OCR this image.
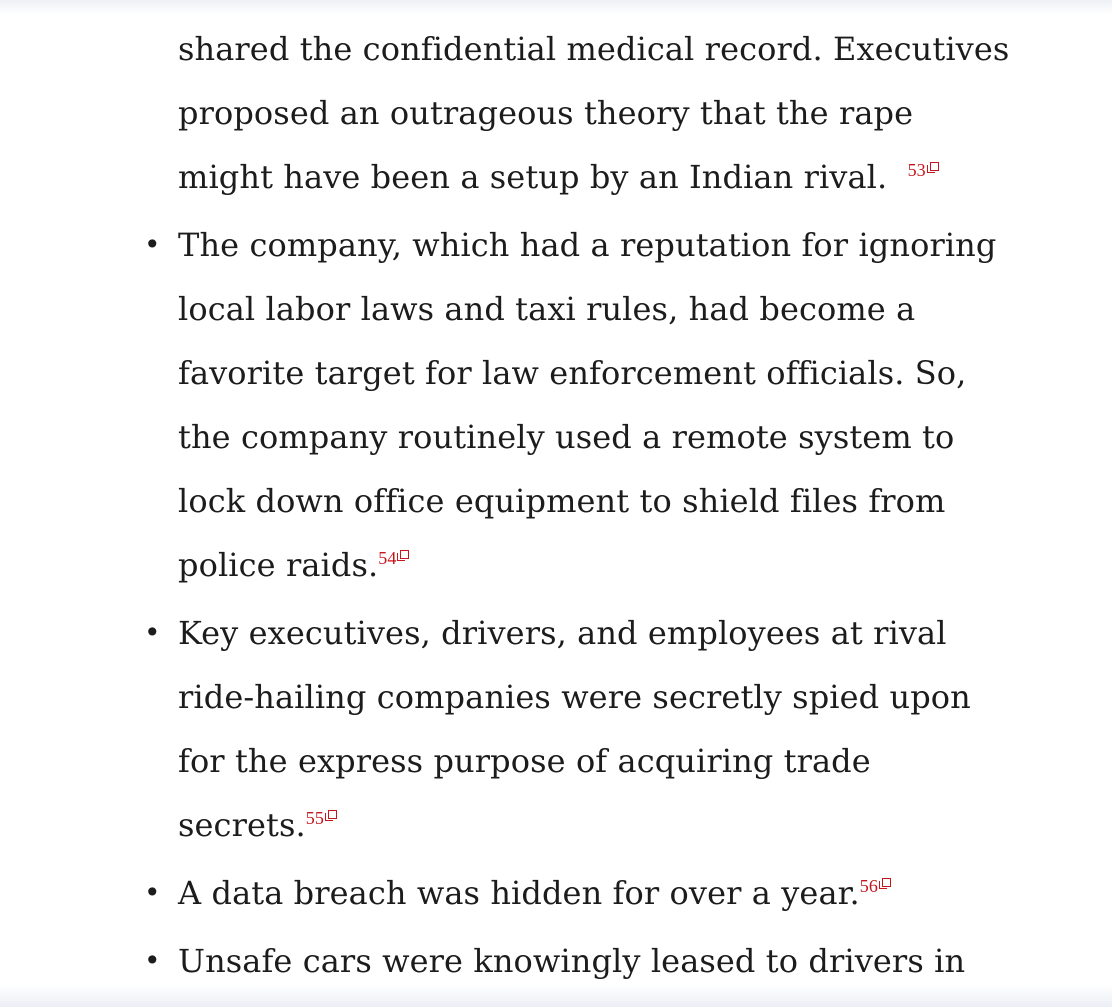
shared the confidential medical record. Executives
proposed an outrageous theory that the rape
might have been a setup by an Indian rival. 53
• The company, which had a reputation for ignoring
local labor laws and taxi rules, had become a
favorite target for law enforcement officials. So,
the company routinely used a remote system to
lock down office equipment to shield files from
police raids.54
• Key executives, drivers, and employees at rival
ride-hailing companies were secretly spied upon
for the express purpose of acquiring trade
secrets.55
• A data breach was hidden for over a year.56
• Unsafe cars were knowingly leased to drivers in
